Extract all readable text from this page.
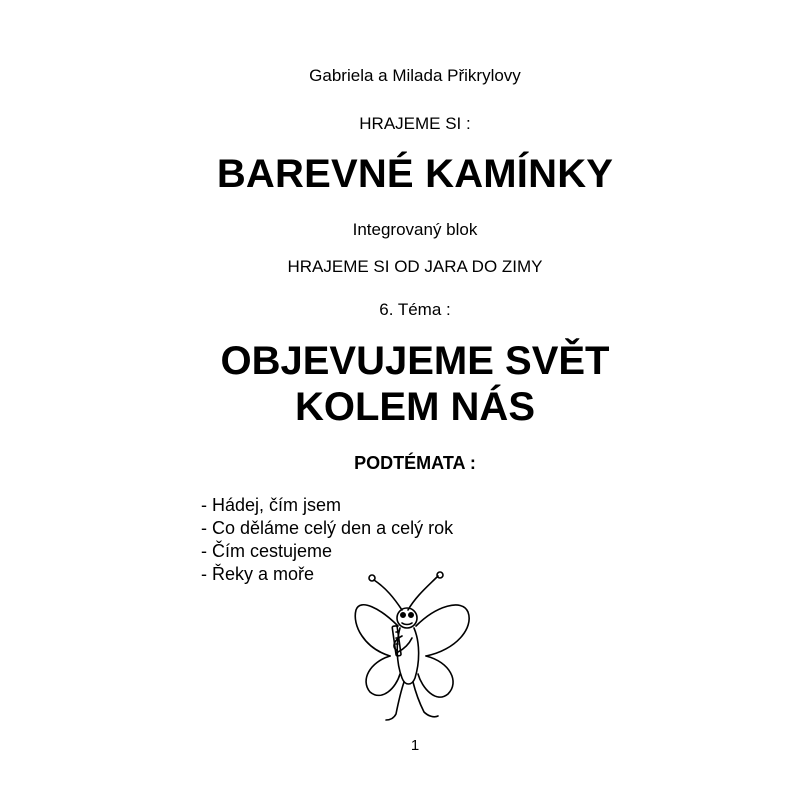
Gabriela a Milada Přikrylovy
HRAJEME SI :
BAREVNÉ KAMÍNKY
Integrovaný blok
HRAJEME SI OD JARA DO ZIMY
6. Téma :
OBJEVUJEME SVĚT
KOLEM NÁS
PODTÉMATA :
- Hádej, čím jsem
- Co děláme celý den a celý rok
- Čím cestujeme
- Řeky a moře
1
